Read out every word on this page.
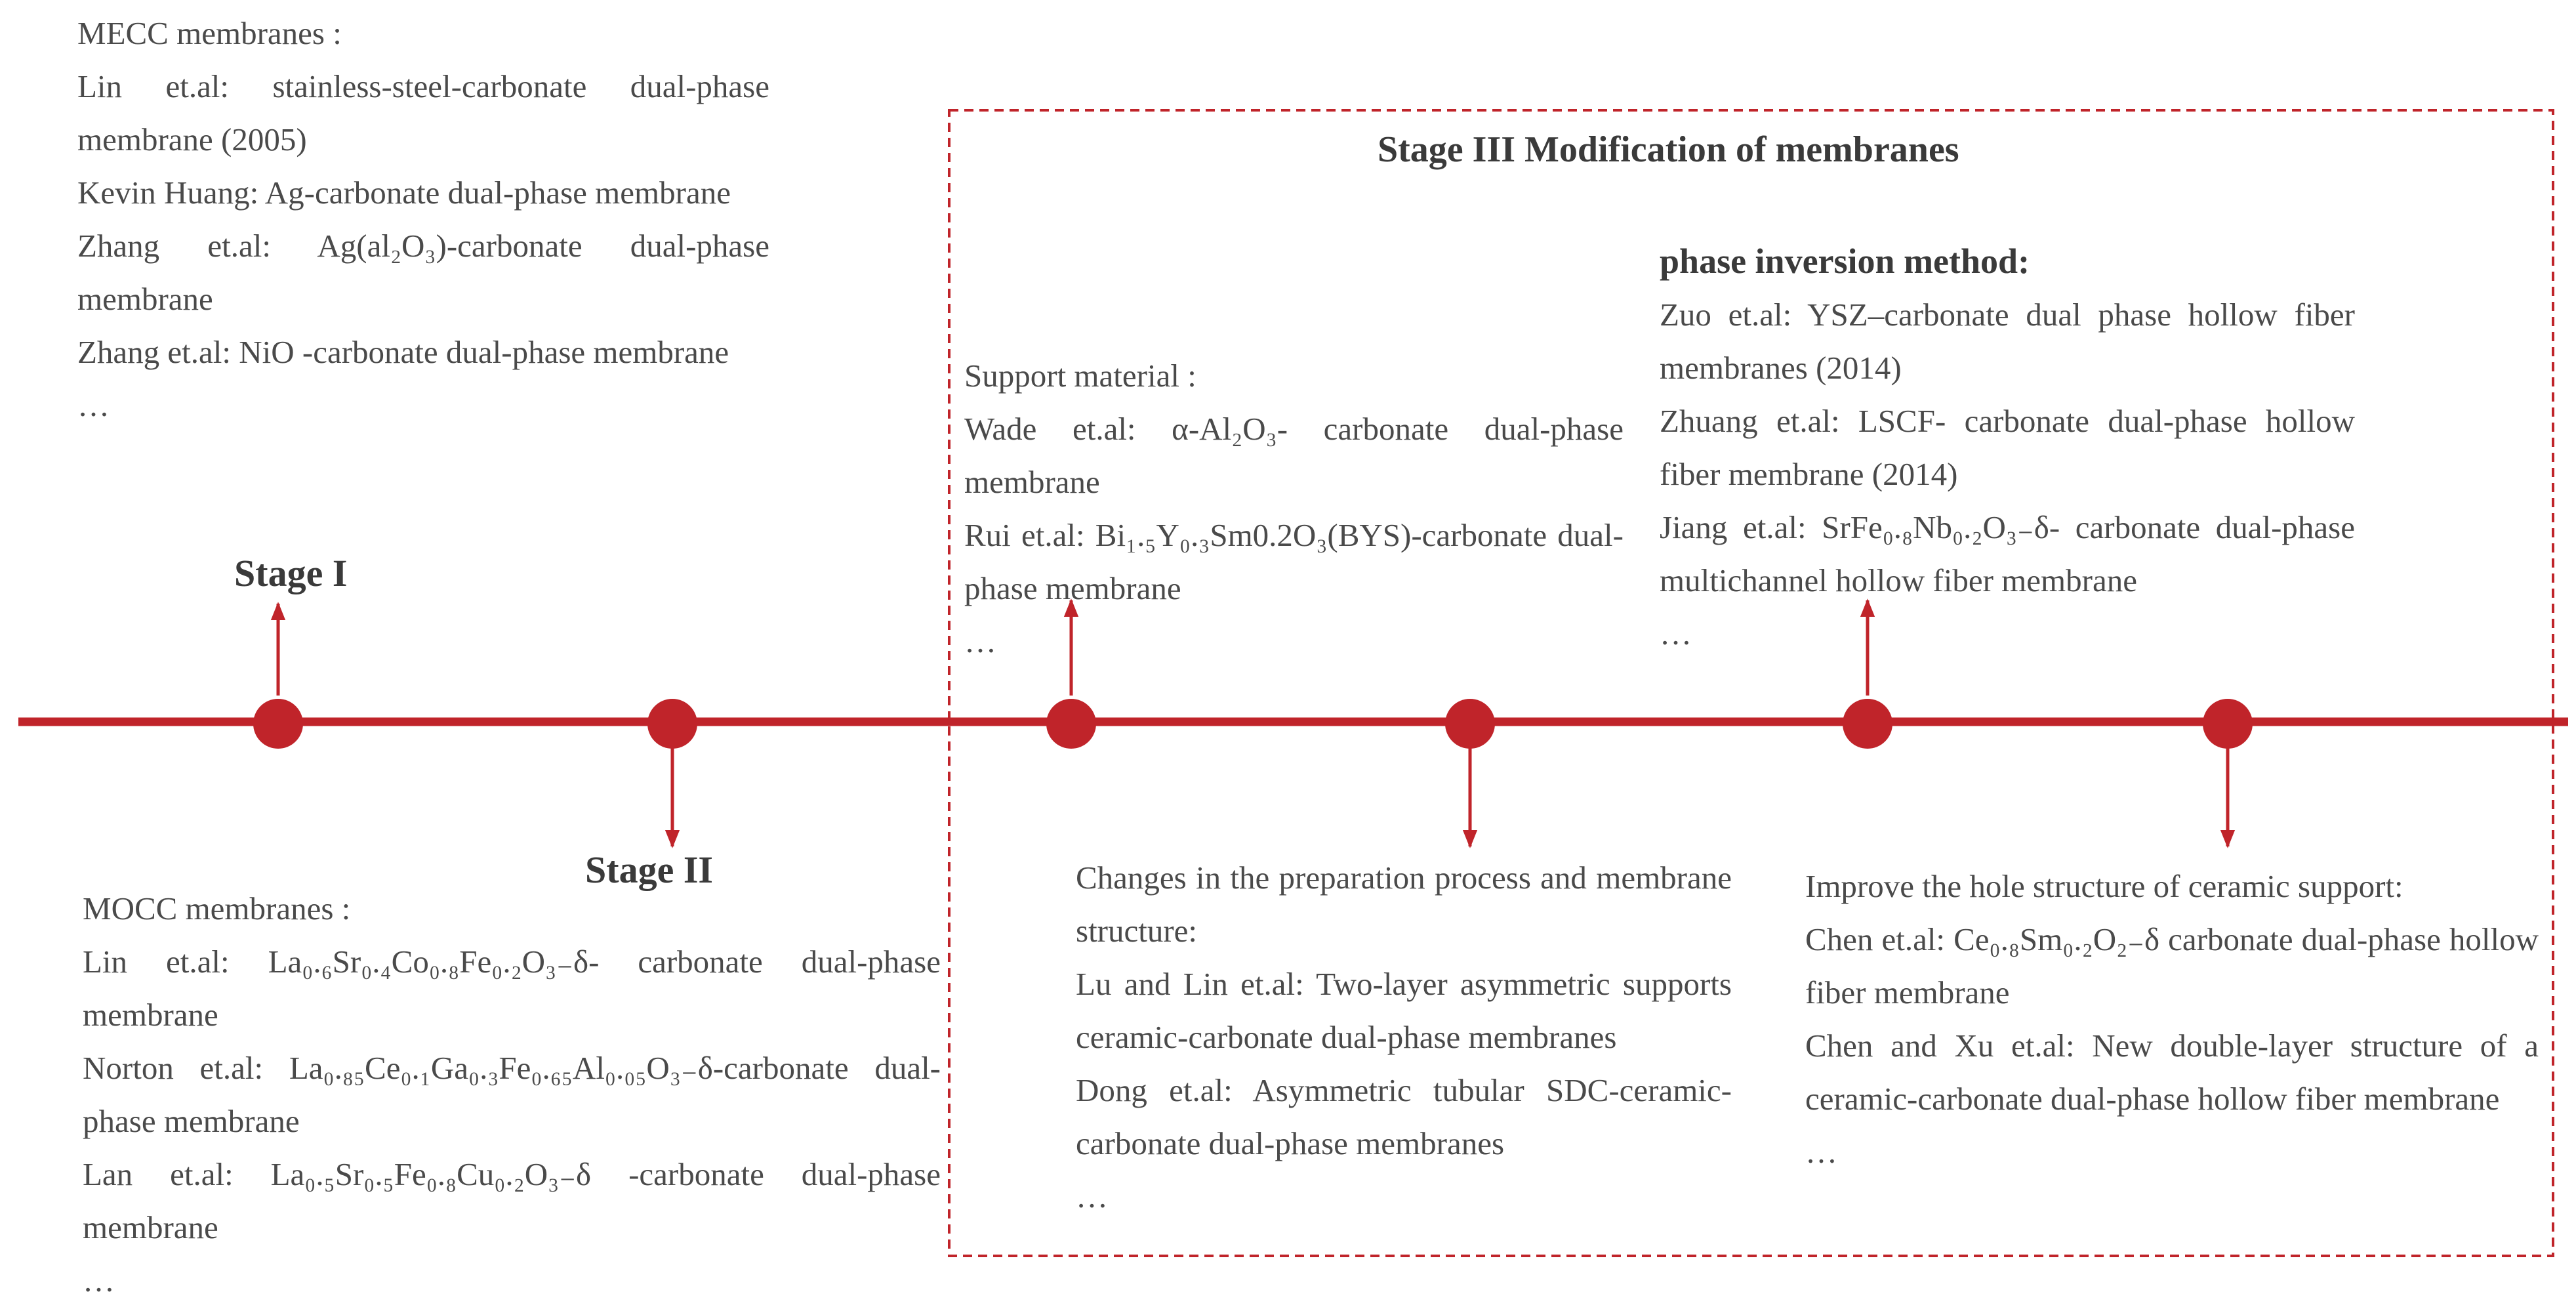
Stage I
Stage II
Stage III Modification of membranes

MECC membranes :

Lin et.al: stainless-steel-carbonate dual-phase membrane (2005)

Kevin Huang: Ag-carbonate dual-phase membrane

Zhang et.al: Ag(al₂O₃)-carbonate dual-phase membrane

Zhang et.al: NiO -carbonate dual-phase membrane

…

MOCC membranes :

Lin et.al: La₀.₆Sr₀.₄Co₀.₈Fe₀.₂O₃₋δ- carbonate dual-phase membrane

Norton et.al: La₀.₈₅Ce₀.₁Ga₀.₃Fe₀.₆₅Al₀.₀₅O₃₋δ-carbonate dual-phase membrane

Lan et.al: La₀.₅Sr₀.₅Fe₀.₈Cu₀.₂O₃₋δ -carbonate dual-phase membrane

…

Support material :

Wade et.al: α-Al₂O₃- carbonate dual-phase membrane

Rui et.al: Bi₁.₅Y₀.₃Sm0.2O₃(BYS)-carbonate dual-phase membrane

…

phase inversion method:

Zuo et.al: YSZ–carbonate dual phase hollow fiber membranes (2014)

Zhuang et.al: LSCF- carbonate dual-phase hollow fiber membrane (2014)

Jiang et.al: SrFe₀.₈Nb₀.₂O₃₋δ- carbonate dual-phase multichannel hollow fiber membrane

…

Changes in the preparation process and membrane structure:

Lu and Lin et.al: Two-layer asymmetric supports ceramic-carbonate dual-phase membranes

Dong et.al: Asymmetric tubular SDC-ceramic-carbonate dual-phase membranes

…

Improve the hole structure of ceramic support:

Chen et.al: Ce₀.₈Sm₀.₂O₂₋δ carbonate dual-phase hollow fiber membrane

Chen and Xu et.al: New double-layer structure of a ceramic-carbonate dual-phase hollow fiber membrane

…
